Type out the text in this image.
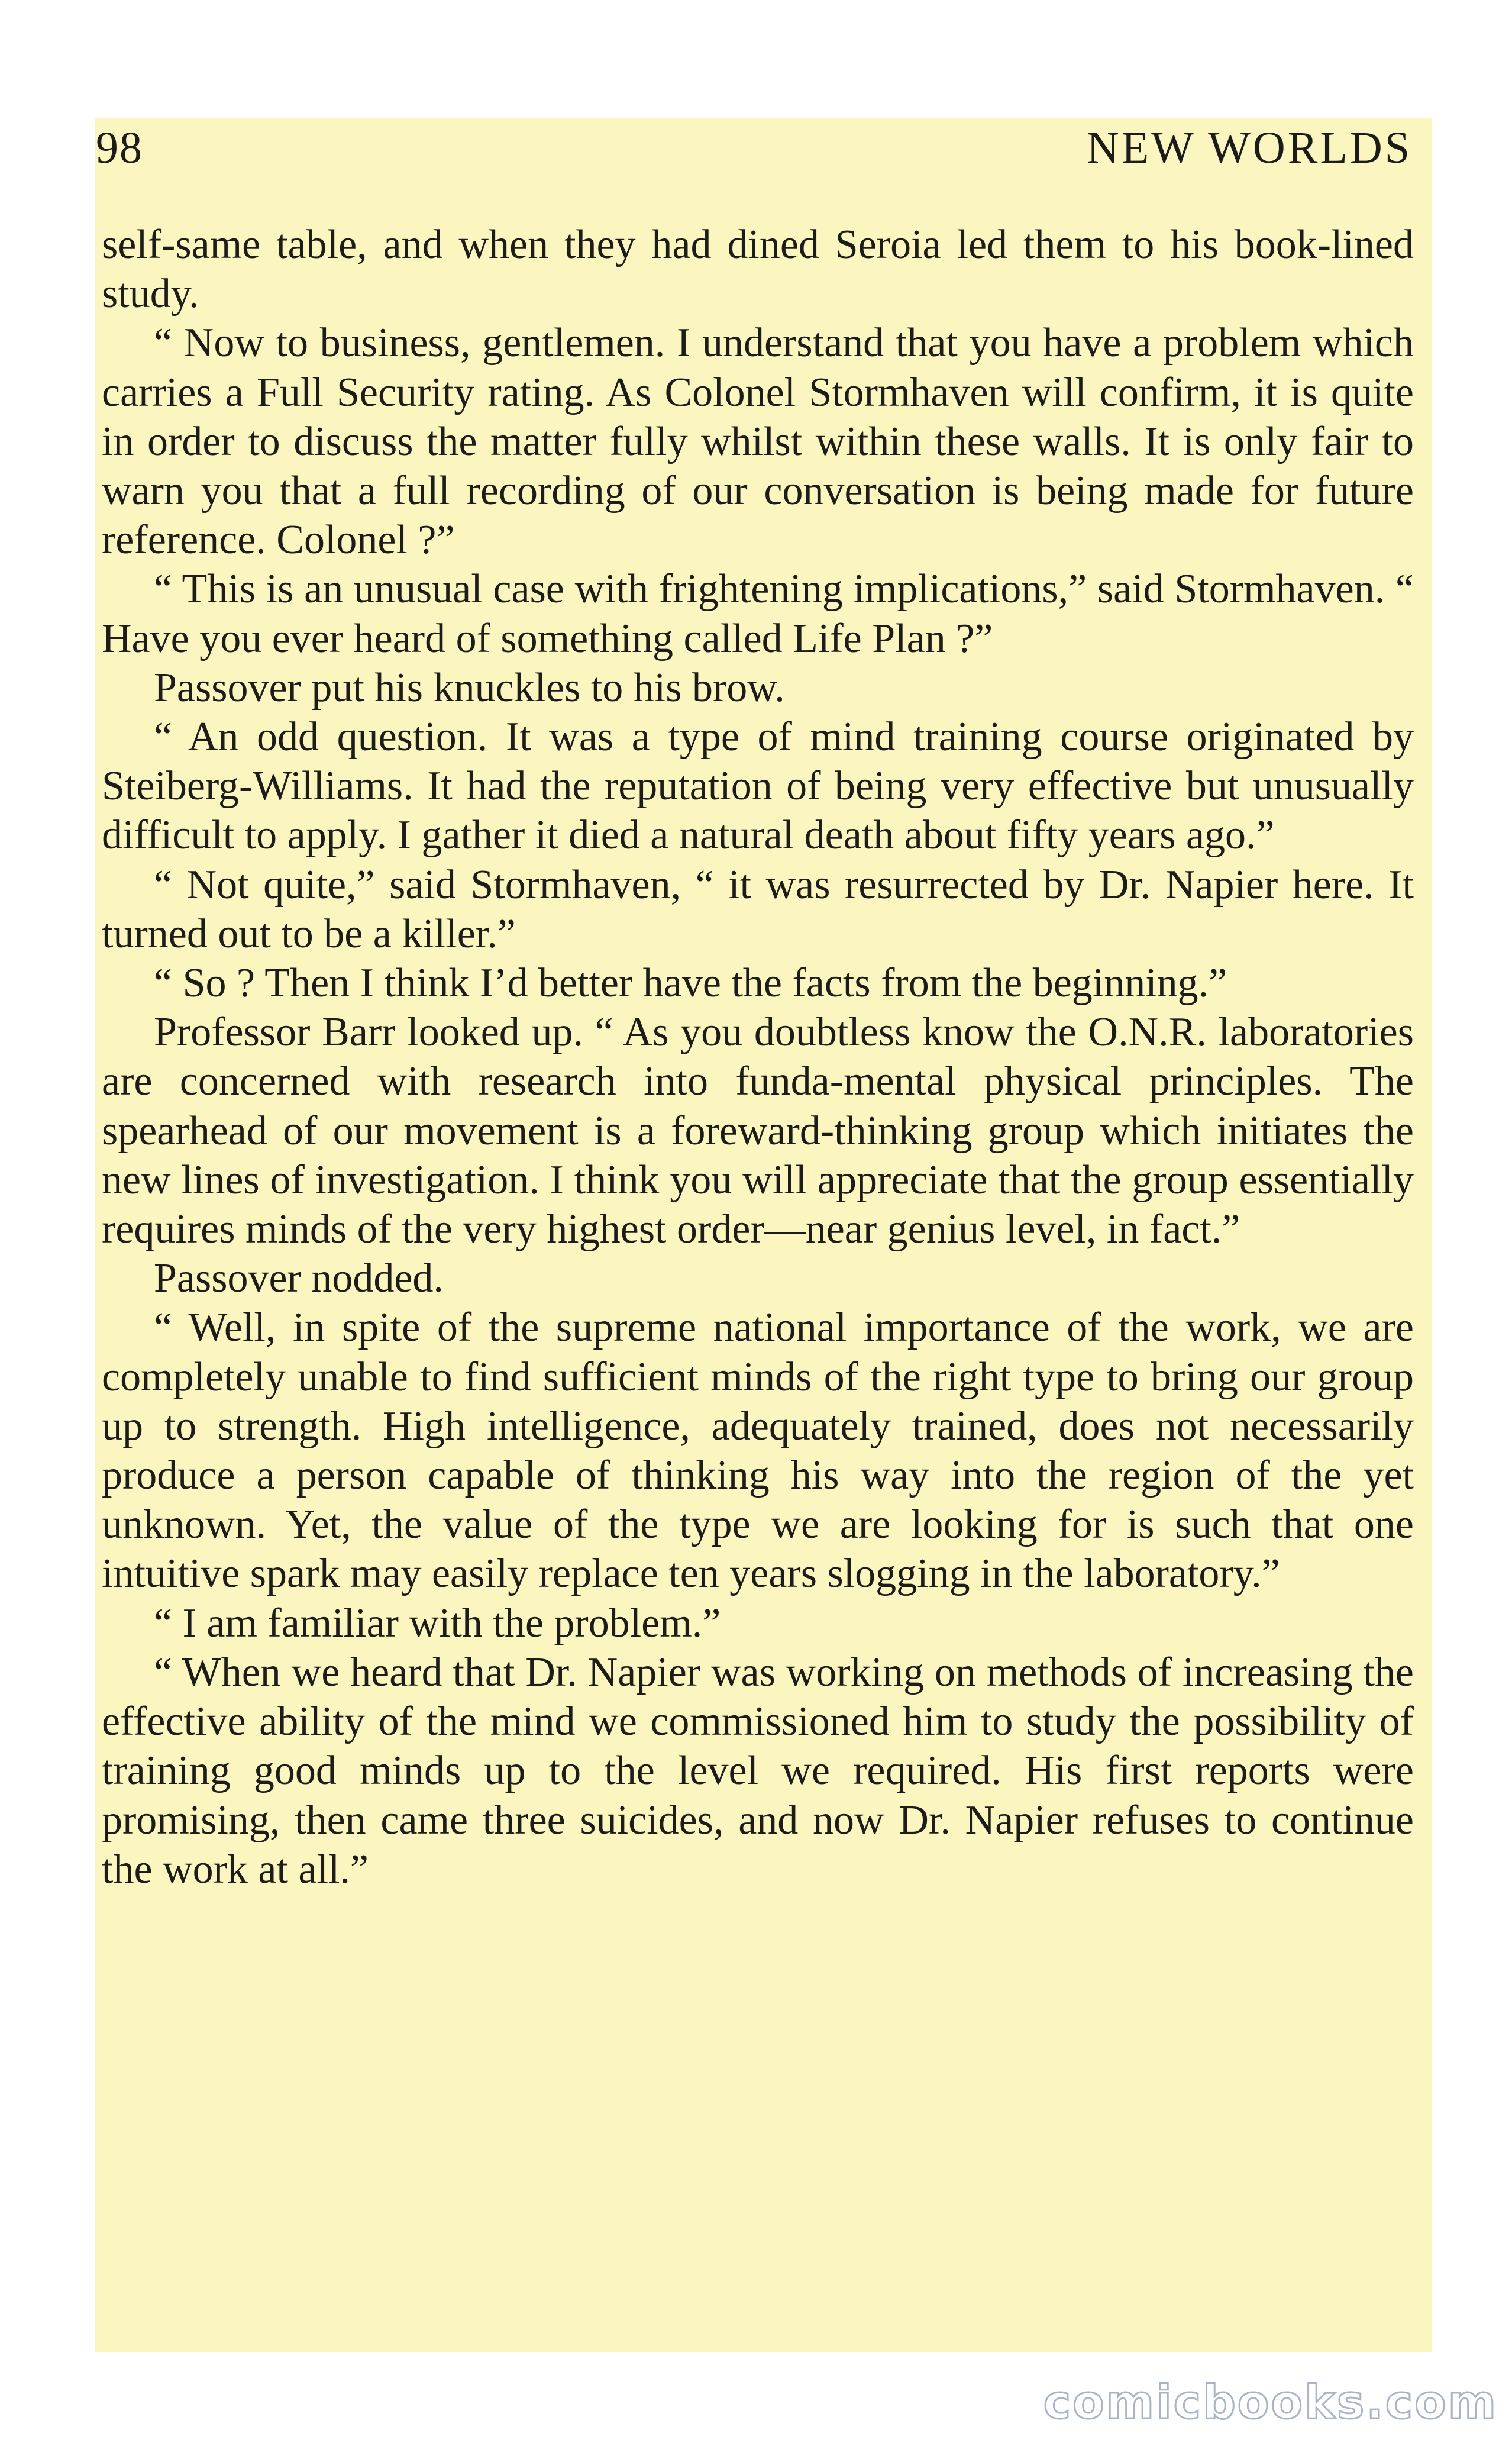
98	NEW WORLDS

self-same table, and when they had dined Seroia led them to his book-lined study.

“ Now to business, gentlemen. I understand that you have a problem which carries a Full Security rating. As Colonel Stormhaven will confirm, it is quite in order to discuss the matter fully whilst within these walls. It is only fair to warn you that a full recording of our conversation is being made for future reference. Colonel ?”

“ This is an unusual case with frightening implications,” said Stormhaven. “ Have you ever heard of something called Life Plan ?”

Passover put his knuckles to his brow.

“ An odd question. It was a type of mind training course originated by Steiberg-Williams. It had the reputation of being very effective but unusually difficult to apply. I gather it died a natural death about fifty years ago.”

“ Not quite,” said Stormhaven, “ it was resurrected by Dr. Napier here. It turned out to be a killer.”

“ So ? Then I think I’d better have the facts from the beginning.”

Professor Barr looked up. “ As you doubtless know the O.N.R. laboratories are concerned with research into funda-mental physical principles. The spearhead of our movement is a foreward-thinking group which initiates the new lines of investigation. I think you will appreciate that the group essentially requires minds of the very highest order—near genius level, in fact.”

Passover nodded.

“ Well, in spite of the supreme national importance of the work, we are completely unable to find sufficient minds of the right type to bring our group up to strength. High intelligence, adequately trained, does not necessarily produce a person capable of thinking his way into the region of the yet unknown. Yet, the value of the type we are looking for is such that one intuitive spark may easily replace ten years slogging in the laboratory.”

“ I am familiar with the problem.”

“ When we heard that Dr. Napier was working on methods of increasing the effective ability of the mind we commissioned him to study the possibility of training good minds up to the level we required. His first reports were promising, then came three suicides, and now Dr. Napier refuses to continue the work at all.”

comicbooks.com
